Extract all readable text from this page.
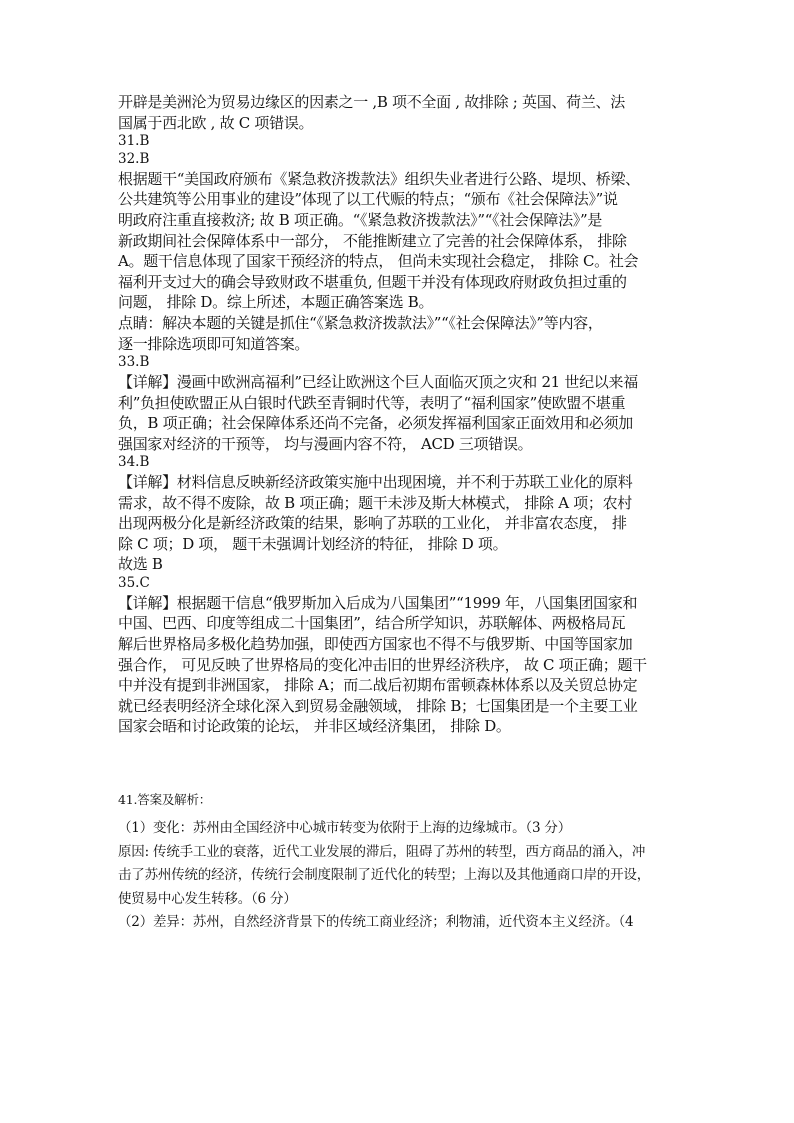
开辟是美洲沦为贸易边缘区的因素之一 ,B 项不全面 , 故排除 ; 英国、荷兰、法

国属于西北欧 , 故 C 项错误。

31.B

32.B

根据题干“美国政府颁布《紧急救济拨款法》组织失业者进行公路、堤坝、桥梁、

公共建筑等公用事业的建设”体现了以工代赈的特点；“颁布《社会保障法》”说

明政府注重直接救济; 故 B 项正确。“《紧急救济拨款法》”“《社会保障法》”是

新政期间社会保障体系中一部分， 不能推断建立了完善的社会保障体系， 排除

A。题干信息体现了国家干预经济的特点， 但尚未实现社会稳定， 排除 C。社会

福利开支过大的确会导致财政不堪重负, 但题干并没有体现政府财政负担过重的

问题， 排除 D。综上所述，本题正确答案选 B。

点睛：解决本题的关键是抓住“《紧急救济拨款法》”“《社会保障法》”等内容，

逐一排除选项即可知道答案。

33.B

【详解】漫画中欧洲高福利”已经让欧洲这个巨人面临灭顶之灾和 21 世纪以来福

利”负担使欧盟正从白银时代跌至青铜时代等，表明了“福利国家”使欧盟不堪重

负，B 项正确；社会保障体系还尚不完备，必须发挥福利国家正面效用和必须加

强国家对经济的干预等， 均与漫画内容不符， ACD 三项错误。

34.B

【详解】材料信息反映新经济政策实施中出现困境，并不利于苏联工业化的原料

需求，故不得不废除，故 B 项正确；题干未涉及斯大林模式， 排除 A 项；农村

出现两极分化是新经济政策的结果，影响了苏联的工业化， 并非富农态度， 排

除 C 项；D 项， 题干未强调计划经济的特征， 排除 D 项。

故选 B

35.C

【详解】根据题干信息“俄罗斯加入后成为八国集团”“1999 年，八国集团国家和

中国、巴西、印度等组成二十国集团”，结合所学知识，苏联解体、两极格局瓦

解后世界格局多极化趋势加强，即使西方国家也不得不与俄罗斯、中国等国家加

强合作， 可见反映了世界格局的变化冲击旧的世界经济秩序， 故 C 项正确；题干

中并没有提到非洲国家， 排除 A；而二战后初期布雷顿森林体系以及关贸总协定

就已经表明经济全球化深入到贸易金融领域， 排除 B；七国集团是一个主要工业

国家会晤和讨论政策的论坛， 并非区域经济集团， 排除 D。

41.答案及解析：

（1）变化：苏州由全国经济中心城市转变为依附于上海的边缘城市。（3 分）

原因: 传统手工业的衰落，近代工业发展的滞后，阻碍了苏州的转型，西方商品的涌入，冲

击了苏州传统的经济，传统行会制度限制了近代化的转型；上海以及其他通商口岸的开设，

使贸易中心发生转移。（6 分）

（2）差异：苏州，自然经济背景下的传统工商业经济；利物浦，近代资本主义经济。（4
